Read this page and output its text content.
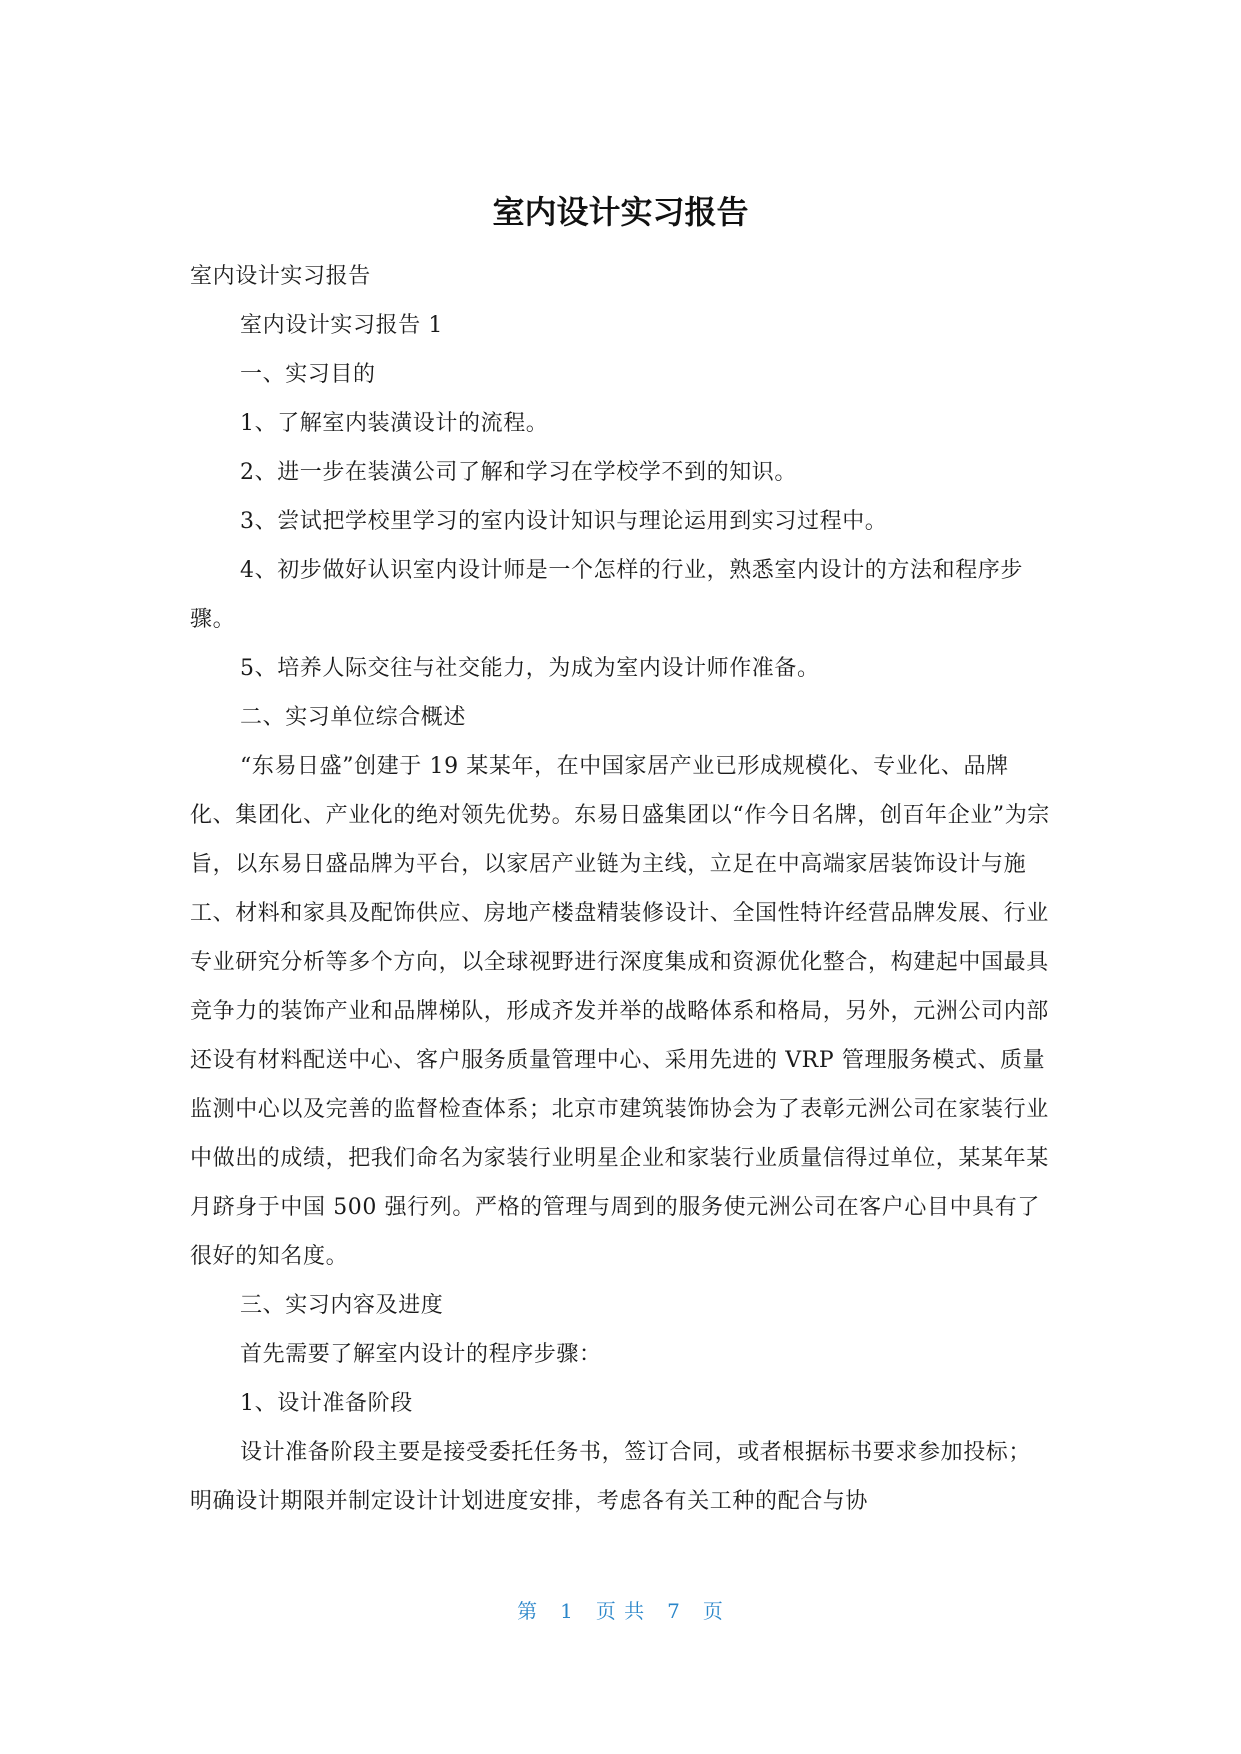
室内设计实习报告

室内设计实习报告

室内设计实习报告 1

一、实习目的

1、了解室内装潢设计的流程。

2、进一步在装潢公司了解和学习在学校学不到的知识。

3、尝试把学校里学习的室内设计知识与理论运用到实习过程中。

4、初步做好认识室内设计师是一个怎样的行业，熟悉室内设计的方法和程序步骤。

5、培养人际交往与社交能力，为成为室内设计师作准备。

二、实习单位综合概述

“东易日盛”创建于 19 某某年，在中国家居产业已形成规模化、专业化、品牌化、集团化、产业化的绝对领先优势。东易日盛集团以“作今日名牌，创百年企业”为宗旨，以东易日盛品牌为平台，以家居产业链为主线，立足在中高端家居装饰设计与施工、材料和家具及配饰供应、房地产楼盘精装修设计、全国性特许经营品牌发展、行业专业研究分析等多个方向，以全球视野进行深度集成和资源优化整合，构建起中国最具竞争力的装饰产业和品牌梯队，形成齐发并举的战略体系和格局，另外，元洲公司内部还设有材料配送中心、客户服务质量管理中心、采用先进的 VRP 管理服务模式、质量监测中心以及完善的监督检查体系；北京市建筑装饰协会为了表彰元洲公司在家装行业中做出的成绩，把我们命名为家装行业明星企业和家装行业质量信得过单位，某某年某月跻身于中国 500 强行列。严格的管理与周到的服务使元洲公司在客户心目中具有了很好的知名度。

三、实习内容及进度

首先需要了解室内设计的程序步骤：

1、设计准备阶段

设计准备阶段主要是接受委托任务书，签订合同，或者根据标书要求参加投标；明确设计期限并制定设计计划进度安排，考虑各有关工种的配合与协

第 1 页 共 7 页
